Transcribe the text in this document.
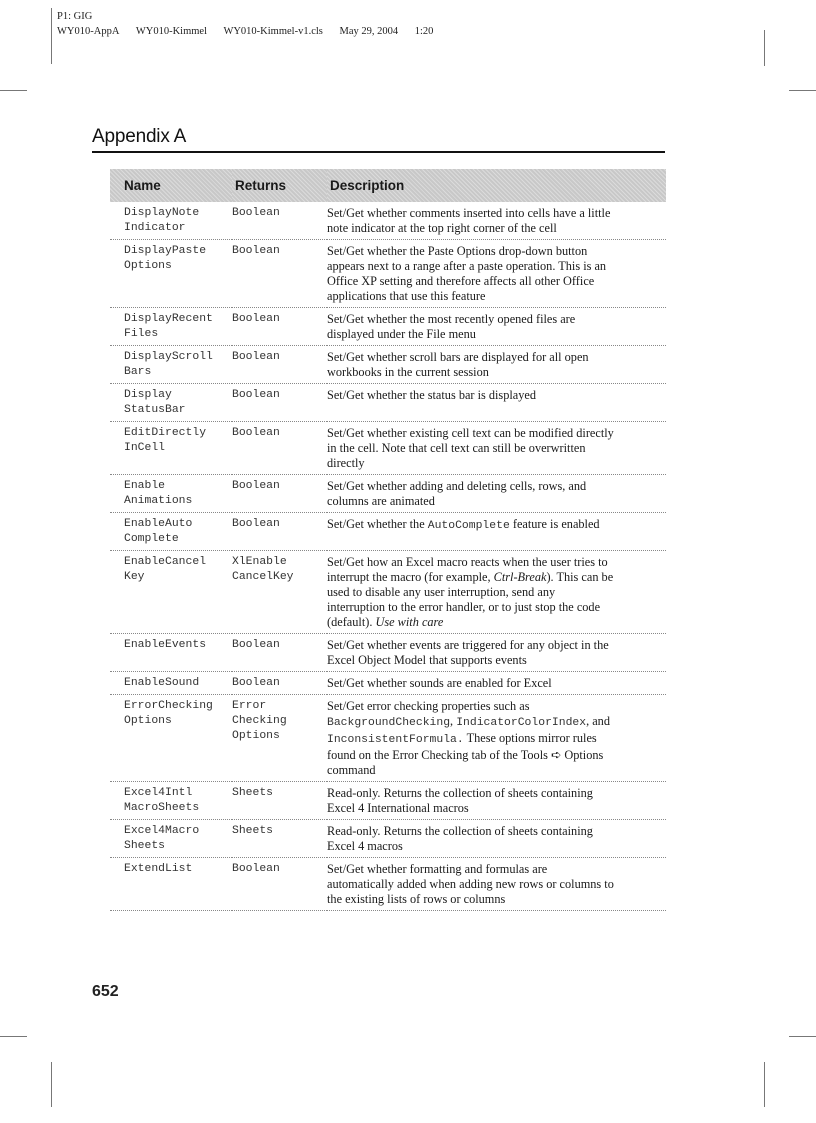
P1: GIG
WY010-AppA WY010-Kimmel WY010-Kimmel-v1.cls May 29, 2004 1:20
Appendix A
Name	Returns	Description

DisplayNote
Indicator	Boolean	Set/Get whether comments inserted into cells have a little
note indicator at the top right corner of the cell

DisplayPaste
Options	Boolean	Set/Get whether the Paste Options drop-down button
appears next to a range after a paste operation. This is an
Office XP setting and therefore affects all other Office
applications that use this feature

DisplayRecent
Files	Boolean	Set/Get whether the most recently opened files are
displayed under the File menu

DisplayScroll
Bars	Boolean	Set/Get whether scroll bars are displayed for all open
workbooks in the current session

Display
StatusBar	Boolean	Set/Get whether the status bar is displayed

EditDirectly
InCell	Boolean	Set/Get whether existing cell text can be modified directly
in the cell. Note that cell text can still be overwritten
directly

Enable
Animations	Boolean	Set/Get whether adding and deleting cells, rows, and
columns are animated

EnableAuto
Complete	Boolean	Set/Get whether the AutoComplete feature is enabled

EnableCancel
Key	XlEnable
CancelKey	Set/Get how an Excel macro reacts when the user tries to
interrupt the macro (for example, Ctrl-Break). This can be
used to disable any user interruption, send any
interruption to the error handler, or to just stop the code
(default). Use with care

EnableEvents	Boolean	Set/Get whether events are triggered for any object in the
Excel Object Model that supports events

EnableSound	Boolean	Set/Get whether sounds are enabled for Excel

ErrorChecking
Options	Error
Checking
Options	Set/Get error checking properties such as
BackgroundChecking, IndicatorColorIndex, and
InconsistentFormula. These options mirror rules
found on the Error Checking tab of the Tools ➪ Options
command

Excel4Intl
MacroSheets	Sheets	Read-only. Returns the collection of sheets containing
Excel 4 International macros

Excel4Macro
Sheets	Sheets	Read-only. Returns the collection of sheets containing
Excel 4 macros

ExtendList	Boolean	Set/Get whether formatting and formulas are
automatically added when adding new rows or columns to
the existing lists of rows or columns
652
